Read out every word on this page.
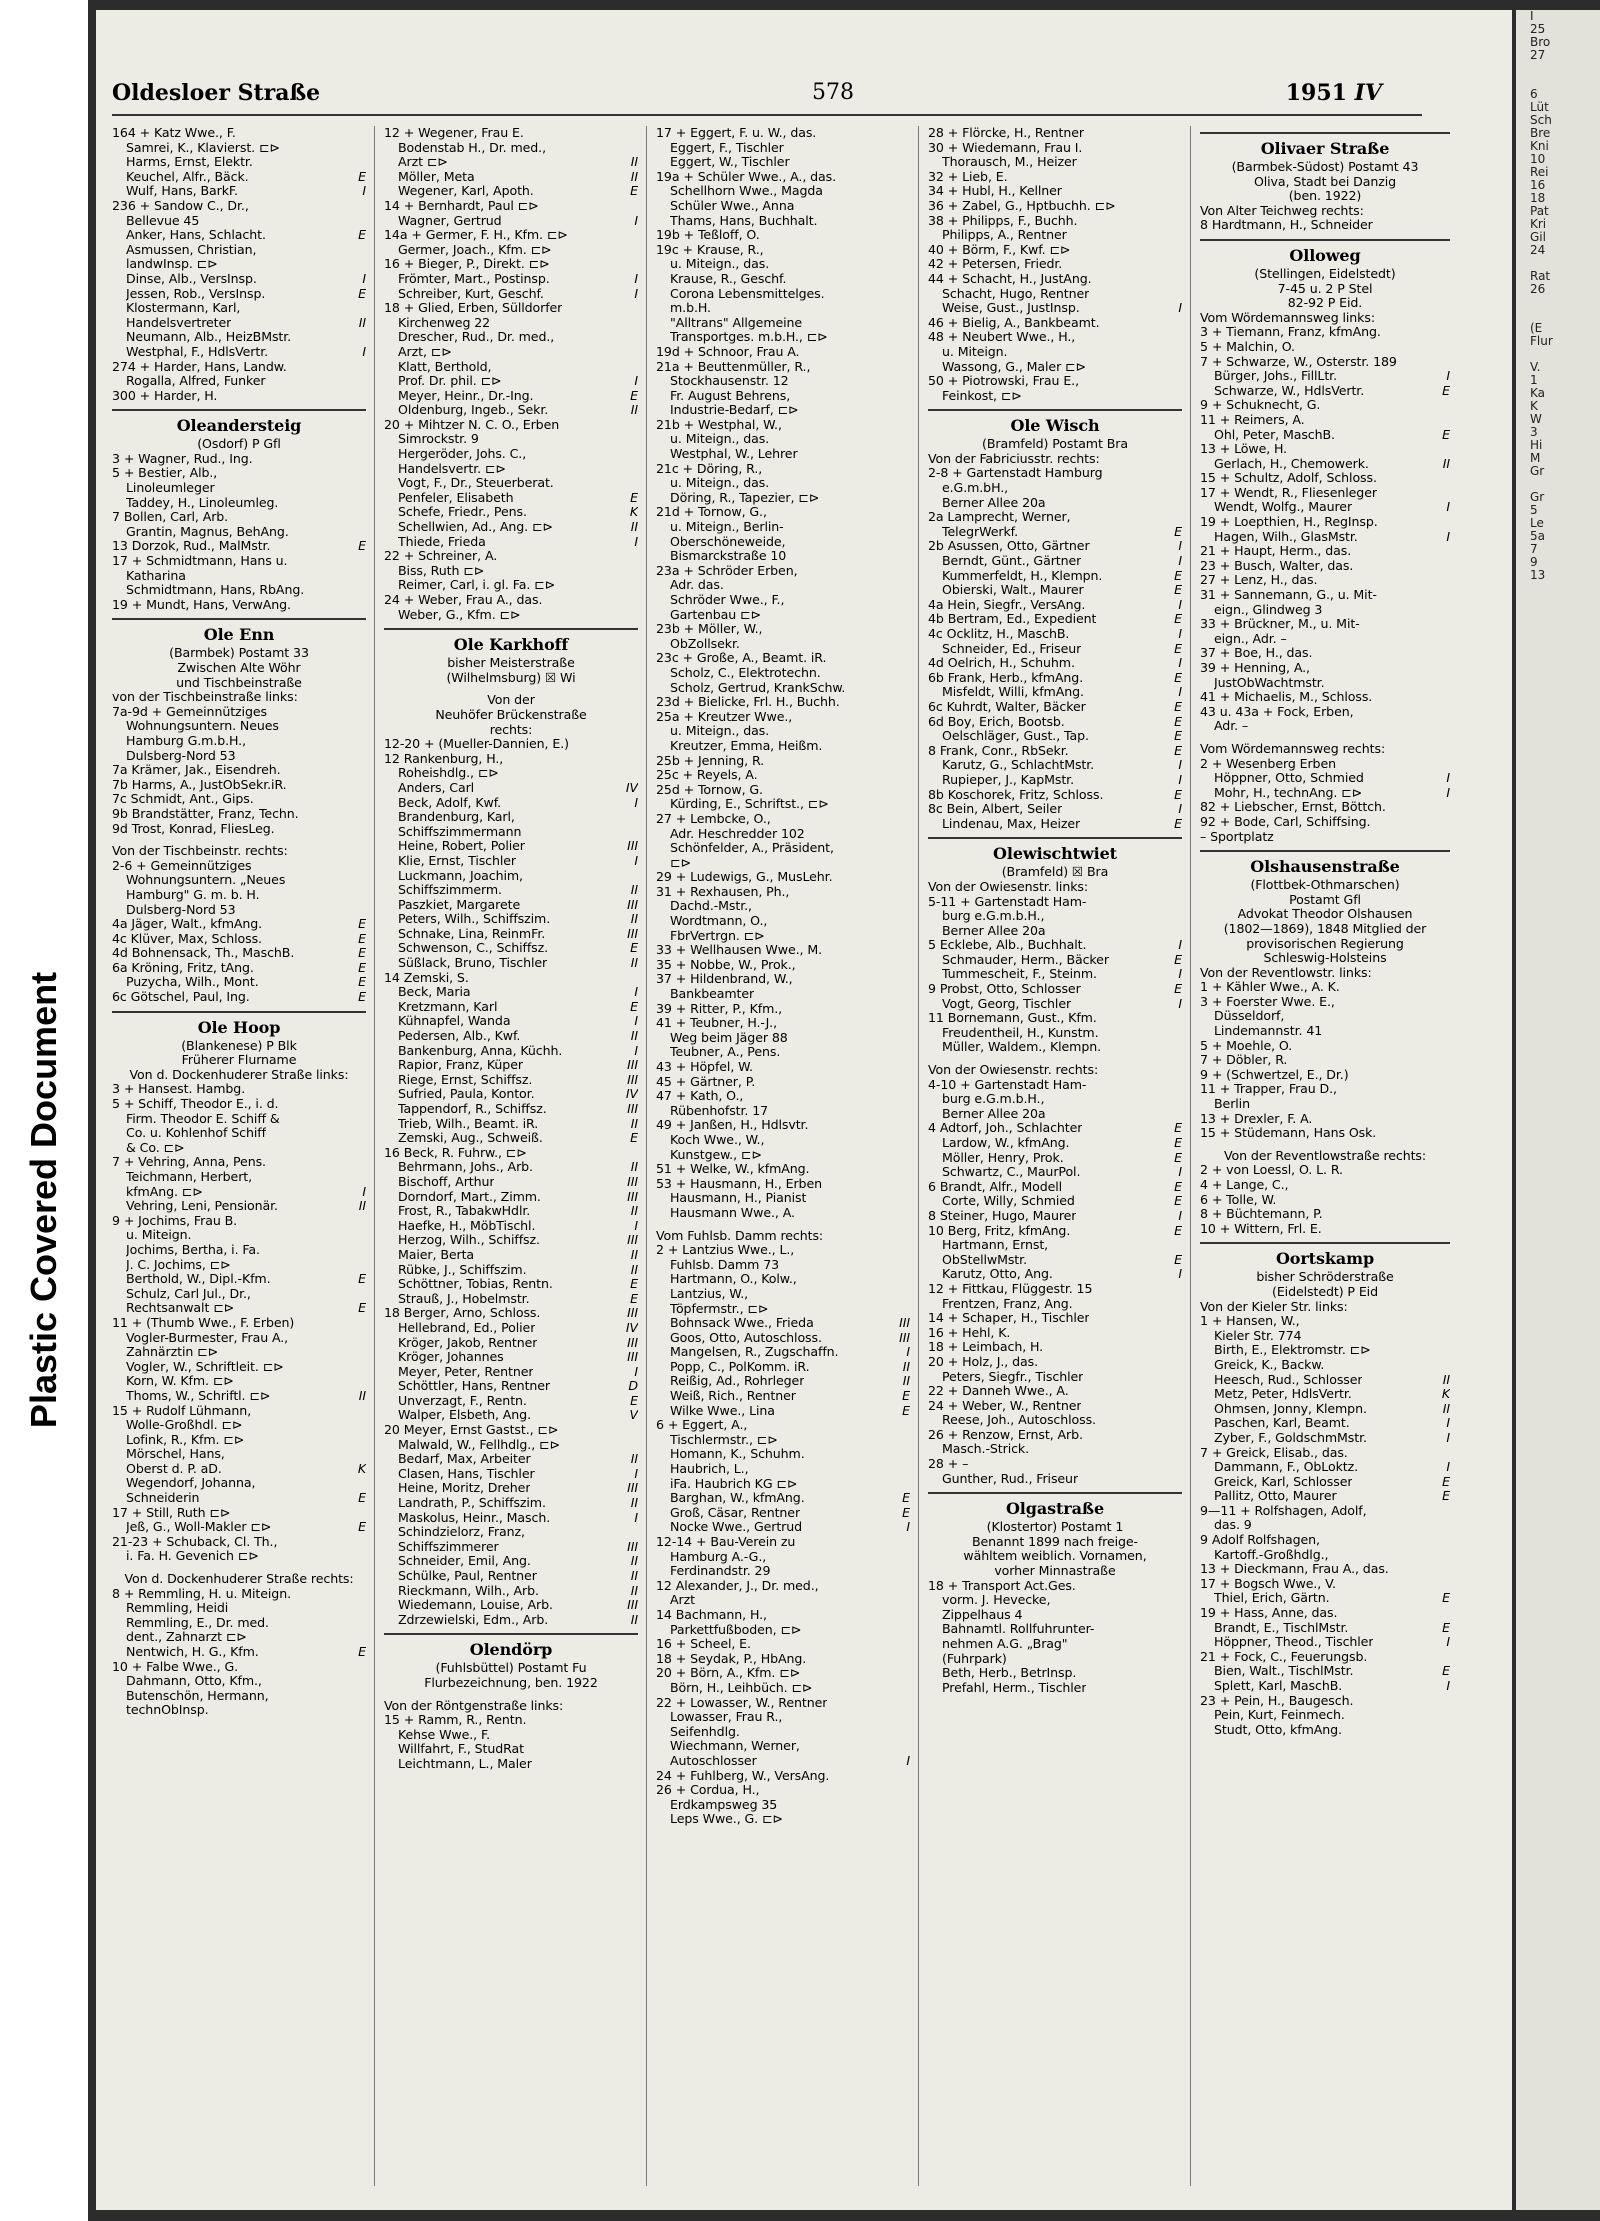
Plastic Covered Document
Oldesloer Straße	578	1951 IV
164 + Katz Wwe., F.
Samrei, K., Klavierst. ⊏⊳
Harms, Ernst, Elektr.
Keuchel, Alfr., Bäck.	E
Wulf, Hans, BarkF.	I
236 + Sandow C., Dr.,
Bellevue 45
Anker, Hans, Schlacht.	E
Asmussen, Christian,
landwInsp. ⊏⊳
Dinse, Alb., VersInsp.	I
Jessen, Rob., VersInsp.	E
Klostermann, Karl,
Handelsvertreter	II
Neumann, Alb., HeizBMstr.
Westphal, F., HdlsVertr.	I
274 + Harder, Hans, Landw.
Rogalla, Alfred, Funker
300 + Harder, H.
Oleandersteig
(Osdorf) P Gfl
3 + Wagner, Rud., Ing.
5 + Bestier, Alb.,
Linoleumleger
Taddey, H., Linoleumleg.
7 Bollen, Carl, Arb.
Grantin, Magnus, BehAng.
13 Dorzok, Rud., MalMstr.	E
17 + Schmidtmann, Hans u.
Katharina
Schmidtmann, Hans, RbAng.
19 + Mundt, Hans, VerwAng.
Ole Enn
(Barmbek) Postamt 33
Zwischen Alte Wöhr
und Tischbeinstraße
von der Tischbeinstraße links:
7a-9d + Gemeinnütziges
Wohnungsuntern. Neues
Hamburg G.m.b.H.,
Dulsberg-Nord 53
7a Krämer, Jak., Eisendreh.
7b Harms, A., JustObSekr.iR.
7c Schmidt, Ant., Gips.
9b Brandstätter, Franz, Techn.
9d Trost, Konrad, FliesLeg.
Von der Tischbeinstr. rechts:
2-6 + Gemeinnütziges
Wohnungsuntern. „Neues
Hamburg" G. m. b. H.
Dulsberg-Nord 53
4a Jäger, Walt., kfmAng.	E
4c Klüver, Max, Schloss.	E
4d Bohnensack, Th., MaschB.	E
6a Kröning, Fritz, tAng.	E
Puzycha, Wilh., Mont.	E
6c Götschel, Paul, Ing.	E
Ole Hoop
(Blankenese) P Blk
Früherer Flurname
Von d. Dockenhuderer Straße links:
3 + Hansest. Hambg.
5 + Schiff, Theodor E., i. d.
Firm. Theodor E. Schiff &
Co. u. Kohlenhof Schiff
& Co. ⊏⊳
7 + Vehring, Anna, Pens.
Teichmann, Herbert,
kfmAng. ⊏⊳	I
Vehring, Leni, Pensionär.	II
9 + Jochims, Frau B.
u. Miteign.
Jochims, Bertha, i. Fa.
J. C. Jochims, ⊏⊳
Berthold, W., Dipl.-Kfm.	E
Schulz, Carl Jul., Dr.,
Rechtsanwalt ⊏⊳	E
11 + (Thumb Wwe., F. Erben)
Vogler-Burmester, Frau A.,
Zahnärztin ⊏⊳
Vogler, W., Schriftleit. ⊏⊳
Korn, W. Kfm. ⊏⊳
Thoms, W., Schriftl. ⊏⊳	II
15 + Rudolf Lühmann,
Wolle-Großhdl. ⊏⊳
Lofink, R., Kfm. ⊏⊳
Mörschel, Hans,
Oberst d. P. aD.	K
Wegendorf, Johanna,
Schneiderin	E
17 + Still, Ruth ⊏⊳
Jeß, G., Woll-Makler ⊏⊳	E
21-23 + Schuback, Cl. Th.,
i. Fa. H. Gevenich ⊏⊳
Von d. Dockenhuderer Straße rechts:
8 + Remmling, H. u. Miteign.
Remmling, Heidi
Remmling, E., Dr. med.
dent., Zahnarzt ⊏⊳
Nentwich, H. G., Kfm.	E
10 + Falbe Wwe., G.
Dahmann, Otto, Kfm.,
Butenschön, Hermann,
technObInsp.
12 + Wegener, Frau E.
Bodenstab H., Dr. med.,
Arzt ⊏⊳	II
Möller, Meta	II
Wegener, Karl, Apoth.	E
14 + Bernhardt, Paul ⊏⊳
Wagner, Gertrud	I
14a + Germer, F. H., Kfm. ⊏⊳
Germer, Joach., Kfm. ⊏⊳
16 + Bieger, P., Direkt. ⊏⊳
Frömter, Mart., Postinsp.	I
Schreiber, Kurt, Geschf.	I
18 + Glied, Erben, Sülldorfer
Kirchenweg 22
Drescher, Rud., Dr. med.,
Arzt, ⊏⊳
Klatt, Berthold,
Prof. Dr. phil. ⊏⊳	I
Meyer, Heinr., Dr.-Ing.	E
Oldenburg, Ingeb., Sekr.	II
20 + Mihtzer N. C. O., Erben
Simrockstr. 9
Hergeröder, Johs. C.,
Handelsvertr. ⊏⊳
Vogt, F., Dr., Steuerberat.
Penfeler, Elisabeth	E
Schefe, Friedr., Pens.	K
Schellwien, Ad., Ang. ⊏⊳	II
Thiede, Frieda	I
22 + Schreiner, A.
Biss, Ruth ⊏⊳
Reimer, Carl, i. gl. Fa. ⊏⊳
24 + Weber, Frau A., das.
Weber, G., Kfm. ⊏⊳
Ole Karkhoff
bisher Meisterstraße
(Wilhelmsburg) ☒ Wi
Von der
Neuhöfer Brückenstraße
rechts:
12-20 + (Mueller-Dannien, E.)
12 Rankenburg, H.,
Roheishdlg., ⊏⊳
Anders, Carl	IV
Beck, Adolf, Kwf.	I
Brandenburg, Karl,
Schiffszimmermann
Heine, Robert, Polier	III
Klie, Ernst, Tischler	I
Luckmann, Joachim,
Schiffszimmerm.	II
Paszkiet, Margarete	III
Peters, Wilh., Schiffszim.	II
Schnake, Lina, ReinmFr.	III
Schwenson, C., Schiffsz.	E
Süßlack, Bruno, Tischler	II
14 Zemski, S.
Beck, Maria	I
Kretzmann, Karl	E
Kühnapfel, Wanda	I
Pedersen, Alb., Kwf.	II
Bankenburg, Anna, Küchh.	I
Rapior, Franz, Küper	III
Riege, Ernst, Schiffsz.	III
Sufried, Paula, Kontor.	IV
Tappendorf, R., Schiffsz.	III
Trieb, Wilh., Beamt. iR.	II
Zemski, Aug., Schweiß.	E
16 Beck, R. Fuhrw., ⊏⊳
Behrmann, Johs., Arb.	II
Bischoff, Arthur	III
Dorndorf, Mart., Zimm.	III
Frost, R., TabakwHdlr.	II
Haefke, H., MöbTischl.	I
Herzog, Wilh., Schiffsz.	III
Maier, Berta	II
Rübke, J., Schiffszim.	II
Schöttner, Tobias, Rentn.	E
Strauß, J., Hobelmstr.	E
18 Berger, Arno, Schloss.	III
Hellebrand, Ed., Polier	IV
Kröger, Jakob, Rentner	III
Kröger, Johannes	III
Meyer, Peter, Rentner	I
Schöttler, Hans, Rentner	D
Unverzagt, F., Rentn.	E
Walper, Elsbeth, Ang.	V
20 Meyer, Ernst Gastst., ⊏⊳
Malwald, W., Fellhdlg., ⊏⊳
Bedarf, Max, Arbeiter	II
Clasen, Hans, Tischler	I
Heine, Moritz, Dreher	III
Landrath, P., Schiffszim.	II
Maskolus, Heinr., Masch.	I
Schindzielorz, Franz,
Schiffszimmerer	III
Schneider, Emil, Ang.	II
Schülke, Paul, Rentner	II
Rieckmann, Wilh., Arb.	II
Wiedemann, Louise, Arb.	III
Zdrzewielski, Edm., Arb.	II
Olendörp
(Fuhlsbüttel) Postamt Fu
Flurbezeichnung, ben. 1922
Von der Röntgenstraße links:
15 + Ramm, R., Rentn.
Kehse Wwe., F.
Willfahrt, F., StudRat
Leichtmann, L., Maler
17 + Eggert, F. u. W., das.
Eggert, F., Tischler
Eggert, W., Tischler
19a + Schüler Wwe., A., das.
Schellhorn Wwe., Magda
Schüler Wwe., Anna
Thams, Hans, Buchhalt.
19b + Teßloff, O.
19c + Krause, R.,
u. Miteign., das.
Krause, R., Geschf.
Corona Lebensmittelges.
m.b.H.
"Alltrans" Allgemeine
Transportges. m.b.H., ⊏⊳
19d + Schnoor, Frau A.
21a + Beuttenmüller, R.,
Stockhausenstr. 12
Fr. August Behrens,
Industrie-Bedarf, ⊏⊳
21b + Westphal, W.,
u. Miteign., das.
Westphal, W., Lehrer
21c + Döring, R.,
u. Miteign., das.
Döring, R., Tapezier, ⊏⊳
21d + Tornow, G.,
u. Miteign., Berlin-
Oberschöneweide,
Bismarckstraße 10
23a + Schröder Erben,
Adr. das.
Schröder Wwe., F.,
Gartenbau ⊏⊳
23b + Möller, W.,
ObZollsekr.
23c + Große, A., Beamt. iR.
Scholz, C., Elektrotechn.
Scholz, Gertrud, KrankSchw.
23d + Bielicke, Frl. H., Buchh.
25a + Kreutzer Wwe.,
u. Miteign., das.
Kreutzer, Emma, Heißm.
25b + Jenning, R.
25c + Reyels, A.
25d + Tornow, G.
Kürding, E., Schriftst., ⊏⊳
27 + Lembcke, O.,
Adr. Heschredder 102
Schönfelder, A., Präsident,
⊏⊳
29 + Ludewigs, G., MusLehr.
31 + Rexhausen, Ph.,
Dachd.-Mstr.,
Wordtmann, O.,
FbrVertrgn. ⊏⊳
33 + Wellhausen Wwe., M.
35 + Nobbe, W., Prok.,
37 + Hildenbrand, W.,
Bankbeamter
39 + Ritter, P., Kfm.,
41 + Teubner, H.-J.,
Weg beim Jäger 88
Teubner, A., Pens.
43 + Höpfel, W.
45 + Gärtner, P.
47 + Kath, O.,
Rübenhofstr. 17
49 + Janßen, H., Hdlsvtr.
Koch Wwe., W.,
Kunstgew., ⊏⊳
51 + Welke, W., kfmAng.
53 + Hausmann, H., Erben
Hausmann, H., Pianist
Hausmann Wwe., A.
Vom Fuhlsb. Damm rechts:
2 + Lantzius Wwe., L.,
Fuhlsb. Damm 73
Hartmann, O., Kolw.,
Lantzius, W.,
Töpfermstr., ⊏⊳
Bohnsack Wwe., Frieda	III
Goos, Otto, Autoschloss.	III
Mangelsen, R., Zugschaffn.	I
Popp, C., PolKomm. iR.	II
Reißig, Ad., Rohrleger	II
Weiß, Rich., Rentner	E
Wilke Wwe., Lina	E
6 + Eggert, A.,
Tischlermstr., ⊏⊳
Homann, K., Schuhm.
Haubrich, L.,
iFa. Haubrich KG ⊏⊳
Barghan, W., kfmAng.	E
Groß, Cäsar, Rentner	E
Nocke Wwe., Gertrud	I
12-14 + Bau-Verein zu
Hamburg A.-G.,
Ferdinandstr. 29
12 Alexander, J., Dr. med.,
Arzt
14 Bachmann, H.,
Parkettfußboden, ⊏⊳
16 + Scheel, E.
18 + Seydak, P., HbAng.
20 + Börn, A., Kfm. ⊏⊳
Börn, H., Leihbüch. ⊏⊳
22 + Lowasser, W., Rentner
Lowasser, Frau R.,
Seifenhdlg.
Wiechmann, Werner,
Autoschlosser	I
24 + Fuhlberg, W., VersAng.
26 + Cordua, H.,
Erdkampsweg 35
Leps Wwe., G. ⊏⊳
28 + Flörcke, H., Rentner
30 + Wiedemann, Frau I.
Thorausch, M., Heizer
32 + Lieb, E.
34 + Hubl, H., Kellner
36 + Zabel, G., Hptbuchh. ⊏⊳
38 + Philipps, F., Buchh.
Philipps, A., Rentner
40 + Börm, F., Kwf. ⊏⊳
42 + Petersen, Friedr.
44 + Schacht, H., JustAng.
Schacht, Hugo, Rentner
Weise, Gust., JustInsp.	I
46 + Bielig, A., Bankbeamt.
48 + Neubert Wwe., H.,
u. Miteign.
Wassong, G., Maler ⊏⊳
50 + Piotrowski, Frau E.,
Feinkost, ⊏⊳
Ole Wisch
(Bramfeld) Postamt Bra
Von der Fabriciusstr. rechts:
2-8 + Gartenstadt Hamburg
e.G.m.bH.,
Berner Allee 20a
2a Lamprecht, Werner,
TelegrWerkf.	E
2b Asussen, Otto, Gärtner	I
Berndt, Günt., Gärtner	I
Kummerfeldt, H., Klempn.	E
Obierski, Walt., Maurer	E
4a Hein, Siegfr., VersAng.	I
4b Bertram, Ed., Expedient	E
4c Ocklitz, H., MaschB.	I
Schneider, Ed., Friseur	E
4d Oelrich, H., Schuhm.	I
6b Frank, Herb., kfmAng.	E
Misfeldt, Willi, kfmAng.	I
6c Kuhrdt, Walter, Bäcker	E
6d Boy, Erich, Bootsb.	E
Oelschläger, Gust., Tap.	E
8 Frank, Conr., RbSekr.	E
Karutz, G., SchlachtMstr.	I
Rupieper, J., KapMstr.	I
8b Koschorek, Fritz, Schloss.	E
8c Bein, Albert, Seiler	I
Lindenau, Max, Heizer	E
Olewischtwiet
(Bramfeld) ☒ Bra
Von der Owiesenstr. links:
5-11 + Gartenstadt Ham-
burg e.G.m.b.H.,
Berner Allee 20a
5 Ecklebe, Alb., Buchhalt.	I
Schmauder, Herm., Bäcker	E
Tummescheit, F., Steinm.	I
9 Probst, Otto, Schlosser	E
Vogt, Georg, Tischler	I
11 Bornemann, Gust., Kfm.
Freudentheil, H., Kunstm.
Müller, Waldem., Klempn.
Von der Owiesenstr. rechts:
4-10 + Gartenstadt Ham-
burg e.G.m.b.H.,
Berner Allee 20a
4 Adtorf, Joh., Schlachter	E
Lardow, W., kfmAng.	E
Möller, Henry, Prok.	E
Schwartz, C., MaurPol.	I
6 Brandt, Alfr., Modell	E
Corte, Willy, Schmied	E
8 Steiner, Hugo, Maurer	I
10 Berg, Fritz, kfmAng.	E
Hartmann, Ernst,
ObStellwMstr.	E
Karutz, Otto, Ang.	I
12 + Fittkau, Flüggestr. 15
Frentzen, Franz, Ang.
14 + Schaper, H., Tischler
16 + Hehl, K.
18 + Leimbach, H.
20 + Holz, J., das.
Peters, Siegfr., Tischler
22 + Danneh Wwe., A.
24 + Weber, W., Rentner
Reese, Joh., Autoschloss.
26 + Renzow, Ernst, Arb.
Masch.-Strick.
28 + –
Gunther, Rud., Friseur
Olgastraße
(Klostertor) Postamt 1
Benannt 1899 nach freige-
wähltem weiblich. Vornamen,
vorher Minnastraße
18 + Transport Act.Ges.
vorm. J. Hevecke,
Zippelhaus 4
Bahnamtl. Rollfuhrunter-
nehmen A.G. „Brag"
(Fuhrpark)
Beth, Herb., BetrInsp.
Prefahl, Herm., Tischler
Olivaer Straße
(Barmbek-Südost) Postamt 43
Oliva, Stadt bei Danzig
(ben. 1922)
Von Alter Teichweg rechts:
8 Hardtmann, H., Schneider
Olloweg
(Stellingen, Eidelstedt)
7-45 u. 2 P Stel
82-92 P Eid.
Vom Wördemannsweg links:
3 + Tiemann, Franz, kfmAng.
5 + Malchin, O.
7 + Schwarze, W., Osterstr. 189
Bürger, Johs., FillLtr.	I
Schwarze, W., HdlsVertr.	E
9 + Schuknecht, G.
11 + Reimers, A.
Ohl, Peter, MaschB.	E
13 + Löwe, H.
Gerlach, H., Chemowerk.	II
15 + Schultz, Adolf, Schloss.
17 + Wendt, R., Fliesenleger
Wendt, Wolfg., Maurer	I
19 + Loepthien, H., RegInsp.
Hagen, Wilh., GlasMstr.	I
21 + Haupt, Herm., das.
23 + Busch, Walter, das.
27 + Lenz, H., das.
31 + Sannemann, G., u. Mit-
eign., Glindweg 3
33 + Brückner, M., u. Mit-
eign., Adr. –
37 + Boe, H., das.
39 + Henning, A.,
JustObWachtmstr.
41 + Michaelis, M., Schloss.
43 u. 43a + Fock, Erben,
Adr. –
Vom Wördemannsweg rechts:
2 + Wesenberg Erben
Höppner, Otto, Schmied	I
Mohr, H., technAng. ⊏⊳	I
82 + Liebscher, Ernst, Böttch.
92 + Bode, Carl, Schiffsing.
– Sportplatz
Olshausenstraße
(Flottbek-Othmarschen)
Postamt Gfl
Advokat Theodor Olshausen
(1802—1869), 1848 Mitglied der
provisorischen Regierung
Schleswig-Holsteins
Von der Reventlowstr. links:
1 + Kähler Wwe., A. K.
3 + Foerster Wwe. E.,
Düsseldorf,
Lindemannstr. 41
5 + Moehle, O.
7 + Döbler, R.
9 + (Schwertzel, E., Dr.)
11 + Trapper, Frau D.,
Berlin
13 + Drexler, F. A.
15 + Stüdemann, Hans Osk.
Von der Reventlowstraße rechts:
2 + von Loessl, O. L. R.
4 + Lange, C.,
6 + Tolle, W.
8 + Büchtemann, P.
10 + Wittern, Frl. E.
Oortskamp
bisher Schröderstraße
(Eidelstedt) P Eid
Von der Kieler Str. links:
1 + Hansen, W.,
Kieler Str. 774
Birth, E., Elektromstr. ⊏⊳
Greick, K., Backw.
Heesch, Rud., Schlosser	II
Metz, Peter, HdlsVertr.	K
Ohmsen, Jonny, Klempn.	II
Paschen, Karl, Beamt.	I
Zyber, F., GoldschmMstr.	I
7 + Greick, Elisab., das.
Dammann, F., ObLoktz.	I
Greick, Karl, Schlosser	E
Pallitz, Otto, Maurer	E
9—11 + Rolfshagen, Adolf,
das. 9
9 Adolf Rolfshagen,
Kartoff.-Großhdlg.,
13 + Dieckmann, Frau A., das.
17 + Bogsch Wwe., V.
Thiel, Erich, Gärtn.	E
19 + Hass, Anne, das.
Brandt, E., TischlMstr.	E
Höppner, Theod., Tischler	I
21 + Fock, C., Feuerungsb.
Bien, Walt., TischlMstr.	E
Splett, Karl, MaschB.	I
23 + Pein, H., Baugesch.
Pein, Kurt, Feinmech.
Studt, Otto, kfmAng.
I
25
Bro
27

6
Lüt
Sch
Bre
Kni
10
Rei
16
18
Pat
Kri
Gil
24

Rat
26

(E
Flur

V.
1
Ka
K
W
3
Hi
M
Gr

Gr
5
Le
5a
7
9
13
